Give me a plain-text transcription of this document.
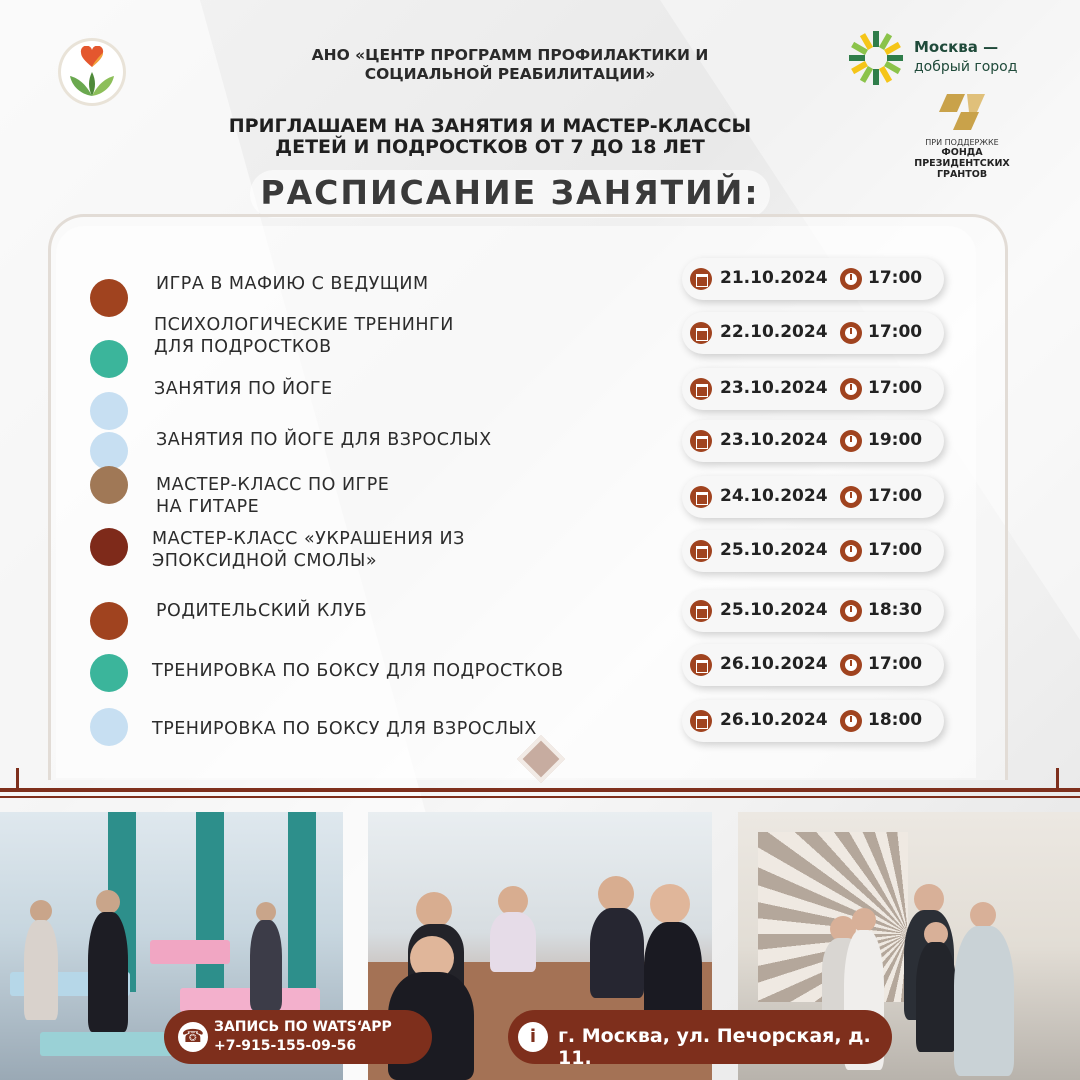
АНО «ЦЕНТР ПРОГРАММ ПРОФИЛАКТИКИ И СОЦИАЛЬНОЙ РЕАБИЛИТАЦИИ»
ПРИГЛАШАЕМ НА ЗАНЯТИЯ И МАСТЕР-КЛАССЫ
ДЕТЕЙ И ПОДРОСТКОВ ОТ 7 ДО 18 ЛЕТ
РАСПИСАНИЕ ЗАНЯТИЙ:
Москва —
добрый город
ПРИ ПОДДЕРЖКЕ
ФОНДА
ПРЕЗИДЕНТСКИХ
ГРАНТОВ
ИГРА В МАФИЮ С ВЕДУЩИМ	21.10.2024 17:00
ПСИХОЛОГИЧЕСКИЕ ТРЕНИНГИ
ДЛЯ ПОДРОСТКОВ
22.10.2024 17:00
ЗАНЯТИЯ ПО ЙОГЕ	23.10.2024 17:00
ЗАНЯТИЯ ПО ЙОГЕ ДЛЯ ВЗРОСЛЫХ	23.10.2024 19:00
МАСТЕР-КЛАСС ПО ИГРЕ
НА ГИТАРЕ
24.10.2024 17:00
МАСТЕР-КЛАСС «УКРАШЕНИЯ ИЗ
ЭПОКСИДНОЙ СМОЛЫ»
25.10.2024 17:00
РОДИТЕЛЬСКИЙ КЛУБ	25.10.2024 18:30
ТРЕНИРОВКА ПО БОКСУ ДЛЯ ПОДРОСТКОВ	26.10.2024 17:00
ТРЕНИРОВКА ПО БОКСУ ДЛЯ ВЗРОСЛЫХ	26.10.2024 18:00
☎ ЗАПИСЬ ПО WATS‘APP
+7-915-155-09-56	i	г. Москва, ул. Печорская, д. 11.
